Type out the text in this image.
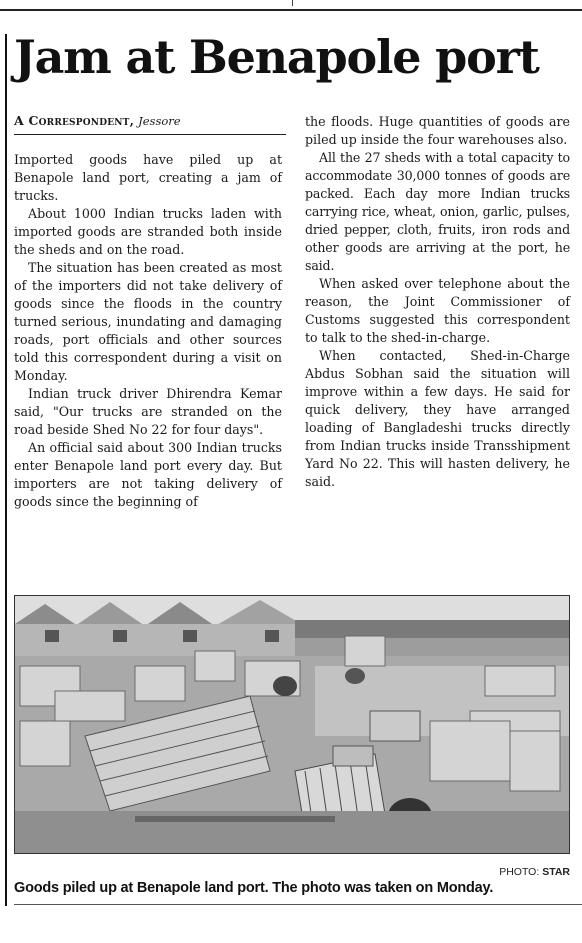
Jam at Benapole port
A Correspondent, Jessore

Imported goods have piled up at Benapole land port, creating a jam of trucks.

About 1000 Indian trucks laden with imported goods are stranded both inside the sheds and on the road.

The situation has been created as most of the importers did not take delivery of goods since the floods in the country turned serious, inundating and damaging roads, port officials and other sources told this correspondent during a visit on Monday.

Indian truck driver Dhirendra Kemar said, "Our trucks are stranded on the road beside Shed No 22 for four days".

An official said about 300 Indian trucks enter Benapole land port every day. But importers are not taking delivery of goods since the beginning of

the floods. Huge quantities of goods are piled up inside the four warehouses also.

All the 27 sheds with a total capacity to accommodate 30,000 tonnes of goods are packed. Each day more Indian trucks carrying rice, wheat, onion, garlic, pulses, dried pepper, cloth, fruits, iron rods and other goods are arriving at the port, he said.

When asked over telephone about the reason, the Joint Commissioner of Customs suggested this correspondent to talk to the shed-in-charge.

When contacted, Shed-in-Charge Abdus Sobhan said the situation will improve within a few days. He said for quick delivery, they have arranged loading of Bangladeshi trucks directly from Indian trucks inside Transshipment Yard No 22. This will hasten delivery, he said.

PHOTO: STAR
Goods piled up at Benapole land port. The photo was taken on Monday.
